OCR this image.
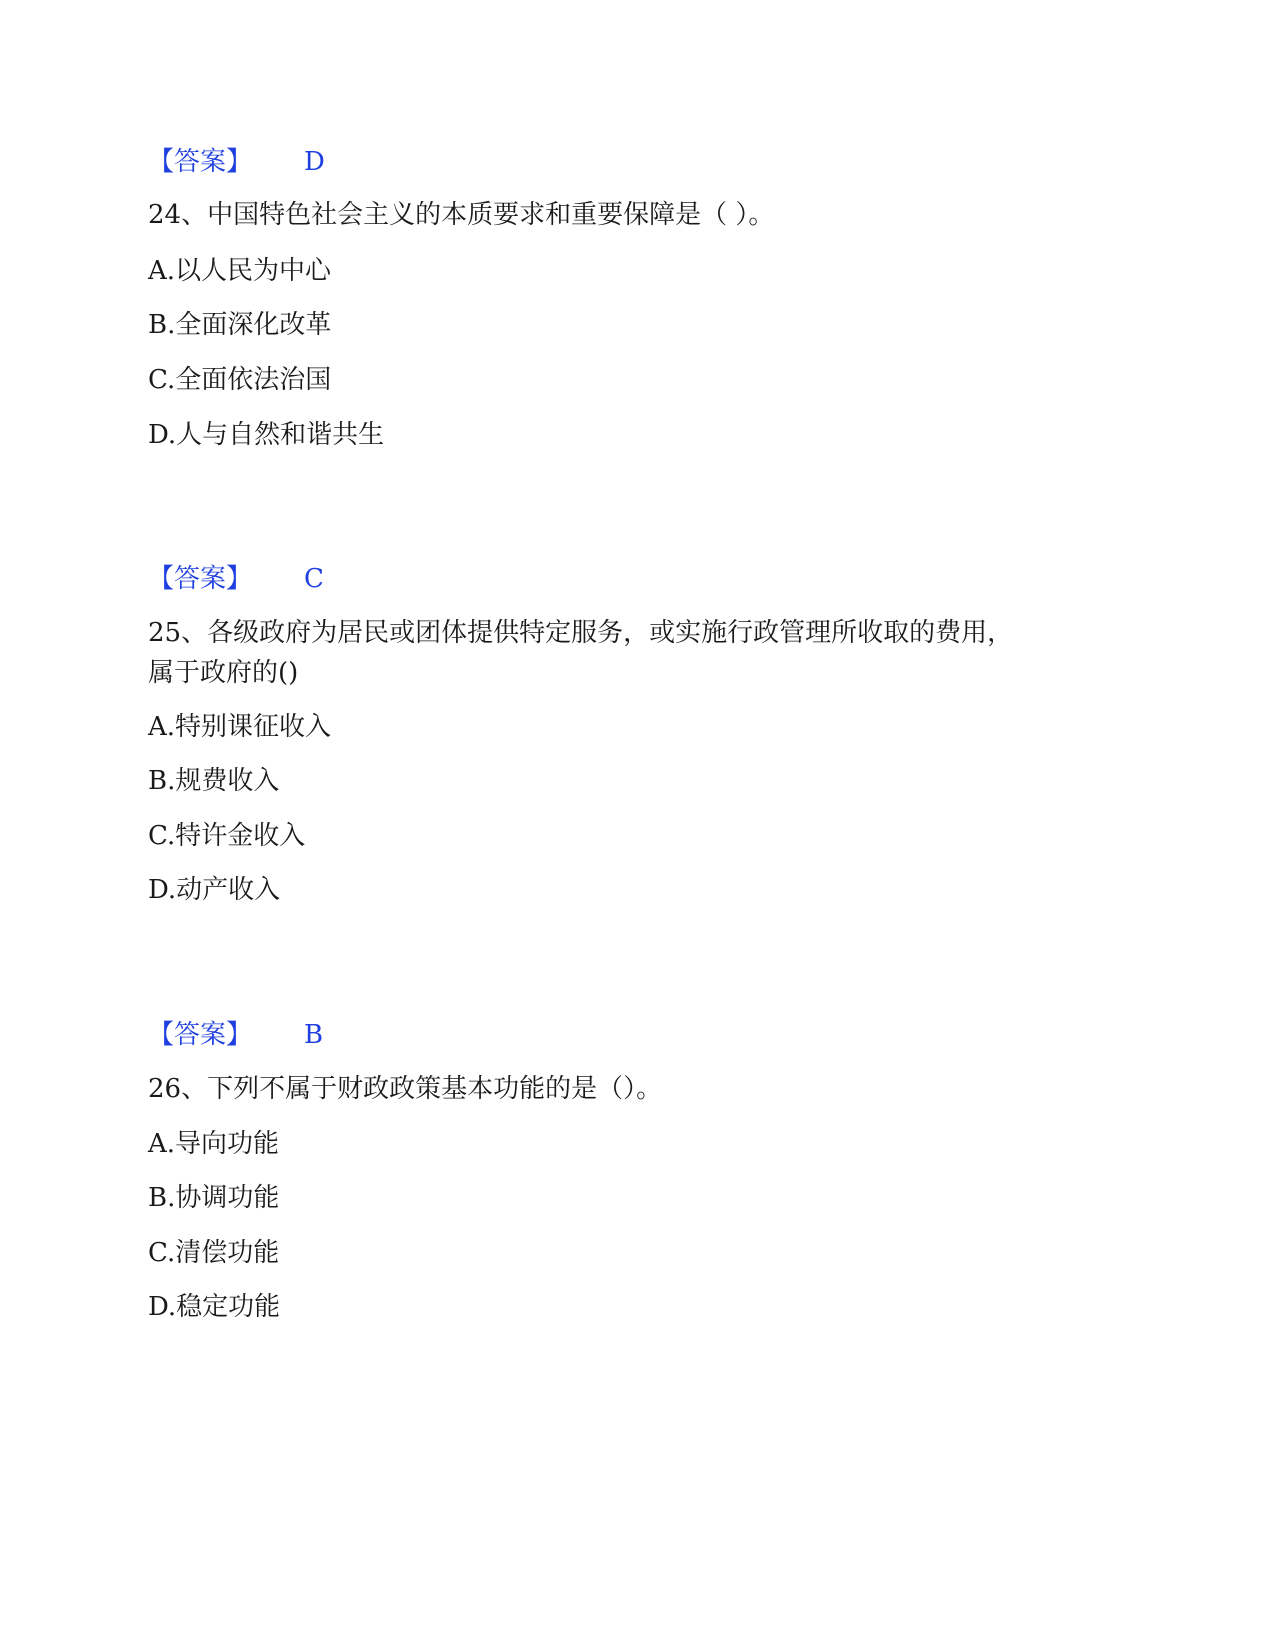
【答案】 D
24、中国特色社会主义的本质要求和重要保障是（ ）。
A.以人民为中心
B.全面深化改革
C.全面依法治国
D.人与自然和谐共生
【答案】 C
25、各级政府为居民或团体提供特定服务，或实施行政管理所收取的费用，
属于政府的()
A.特别课征收入
B.规费收入
C.特许金收入
D.动产收入
【答案】 B
26、下列不属于财政政策基本功能的是（）。
A.导向功能
B.协调功能
C.清偿功能
D.稳定功能
